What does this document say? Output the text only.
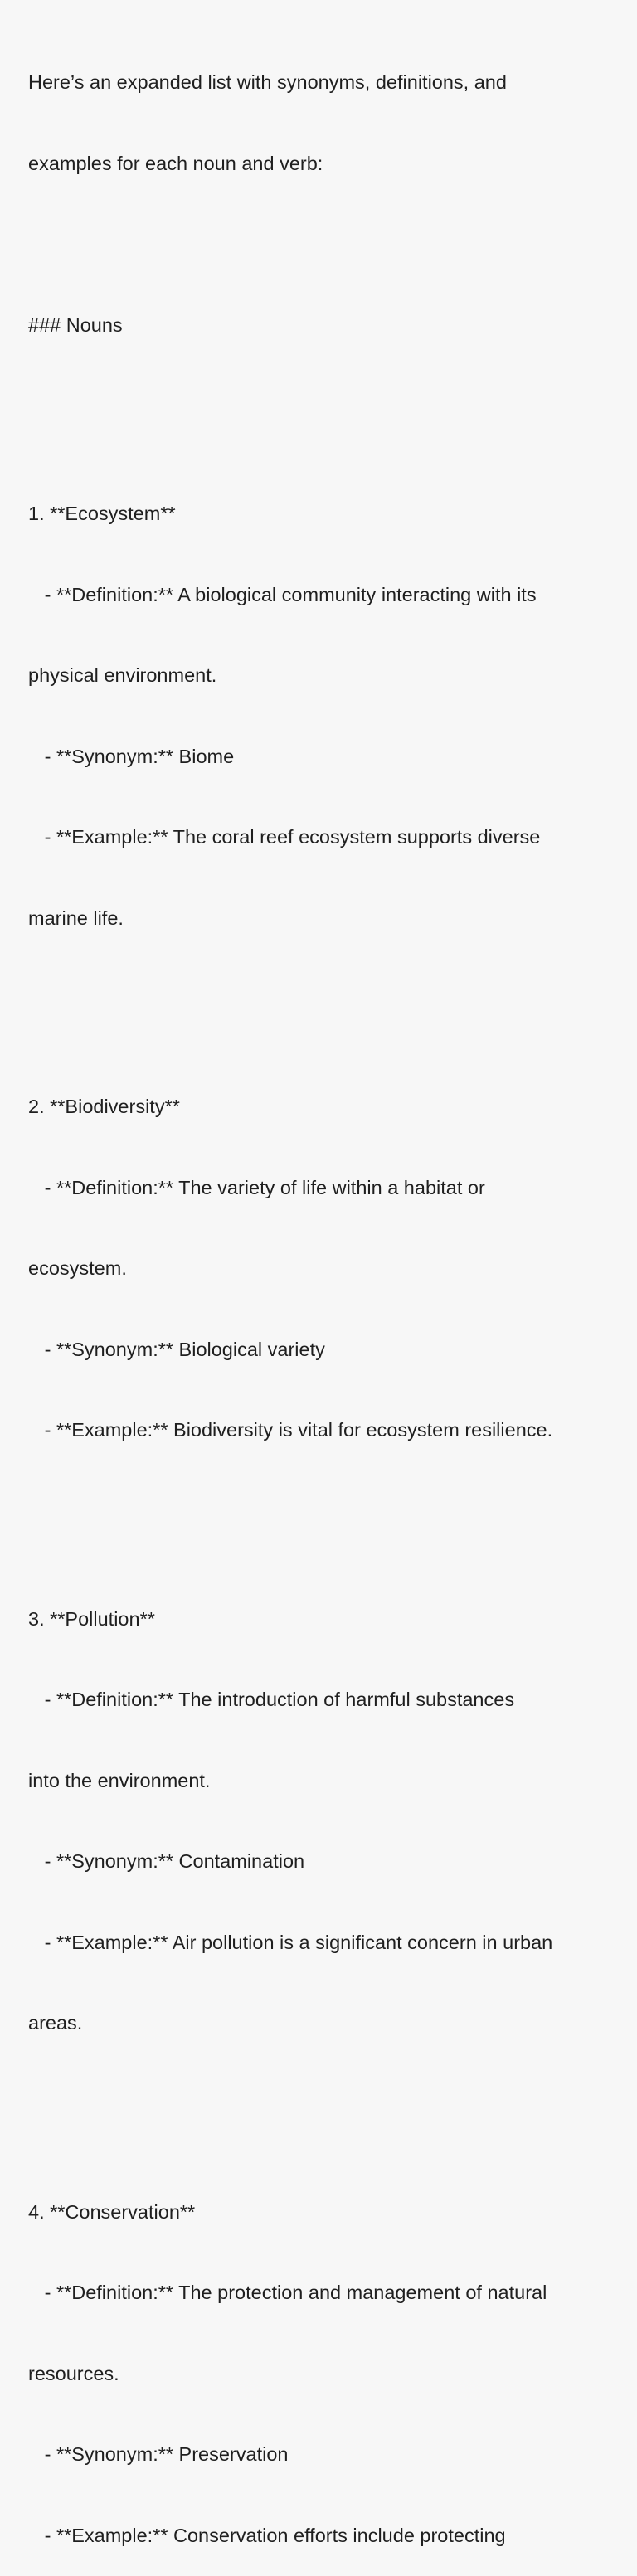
Here’s an expanded list with synonyms, definitions, and

examples for each noun and verb:

### Nouns

1. **Ecosystem**

- **Definition:** A biological community interacting with its

physical environment.

- **Synonym:** Biome

- **Example:** The coral reef ecosystem supports diverse

marine life.

2. **Biodiversity**

- **Definition:** The variety of life within a habitat or

ecosystem.

- **Synonym:** Biological variety

- **Example:** Biodiversity is vital for ecosystem resilience.

3. **Pollution**

- **Definition:** The introduction of harmful substances

into the environment.

- **Synonym:** Contamination

- **Example:** Air pollution is a significant concern in urban

areas.

4. **Conservation**

- **Definition:** The protection and management of natural

resources.

- **Synonym:** Preservation

- **Example:** Conservation efforts include protecting
